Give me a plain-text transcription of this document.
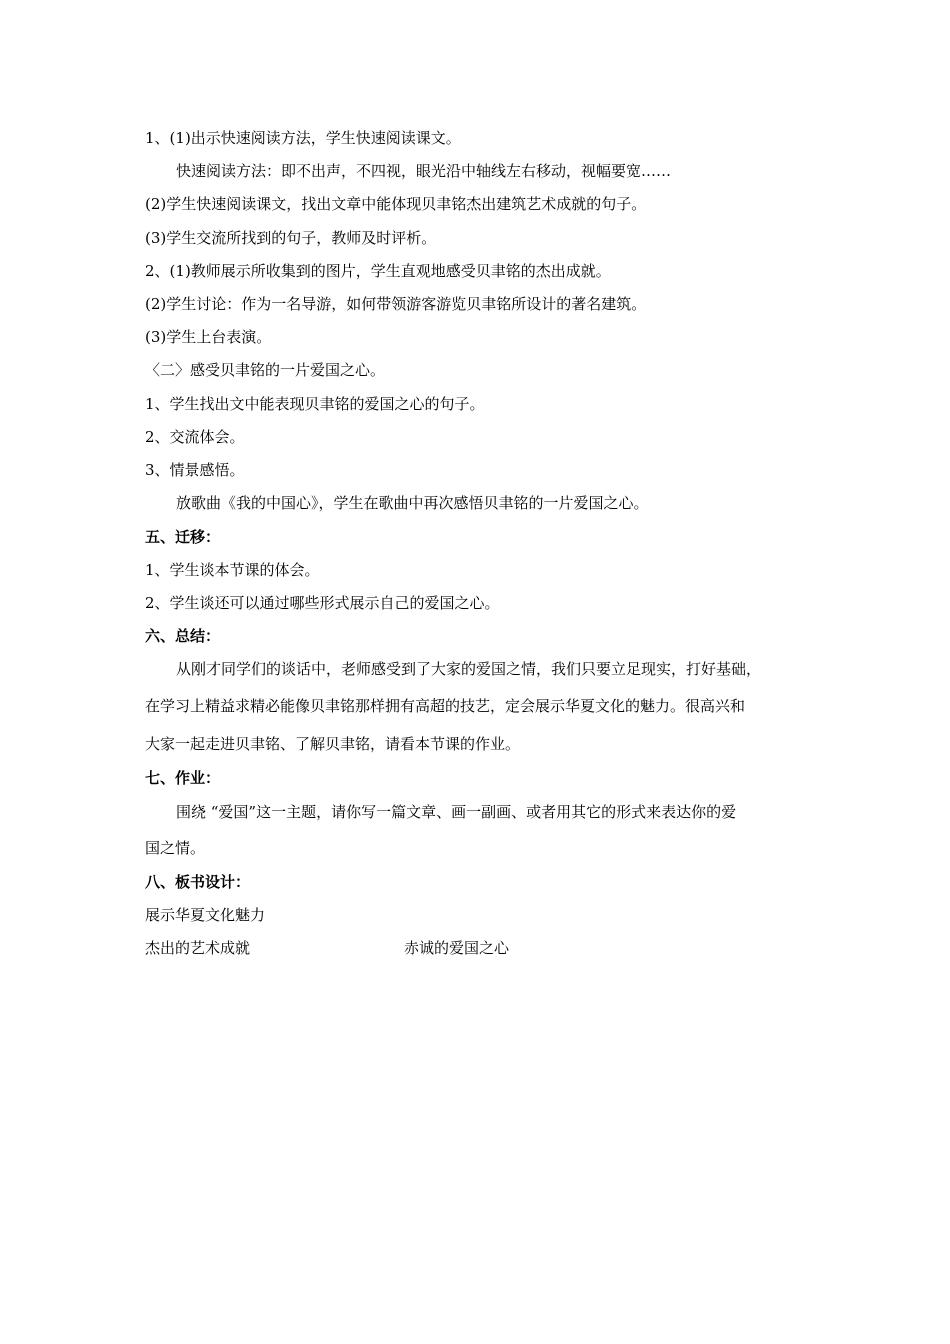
1、(1)出示快速阅读方法，学生快速阅读课文。
快速阅读方法：即不出声，不四视，眼光沿中轴线左右移动，视幅要宽……
(2)学生快速阅读课文，找出文章中能体现贝聿铭杰出建筑艺术成就的句子。
(3)学生交流所找到的句子，教师及时评析。
2、(1)教师展示所收集到的图片，学生直观地感受贝聿铭的杰出成就。
(2)学生讨论：作为一名导游，如何带领游客游览贝聿铭所设计的著名建筑。
(3)学生上台表演。
〈二〉感受贝聿铭的一片爱国之心。
1、学生找出文中能表现贝聿铭的爱国之心的句子。
2、交流体会。
3、情景感悟。
放歌曲《我的中国心》，学生在歌曲中再次感悟贝聿铭的一片爱国之心。
五、迁移：
1、学生谈本节课的体会。
2、学生谈还可以通过哪些形式展示自己的爱国之心。
六、总结：
从刚才同学们的谈话中，老师感受到了大家的爱国之情，我们只要立足现实，打好基础，
在学习上精益求精必能像贝聿铭那样拥有高超的技艺，定会展示华夏文化的魅力。很高兴和
大家一起走进贝聿铭、了解贝聿铭，请看本节课的作业。
七、作业：
围绕 “爱国”这一主题，请你写一篇文章、画一副画、或者用其它的形式来表达你的爱
国之情。
八、板书设计：
展示华夏文化魅力
杰出的艺术成就	赤诚的爱国之心
